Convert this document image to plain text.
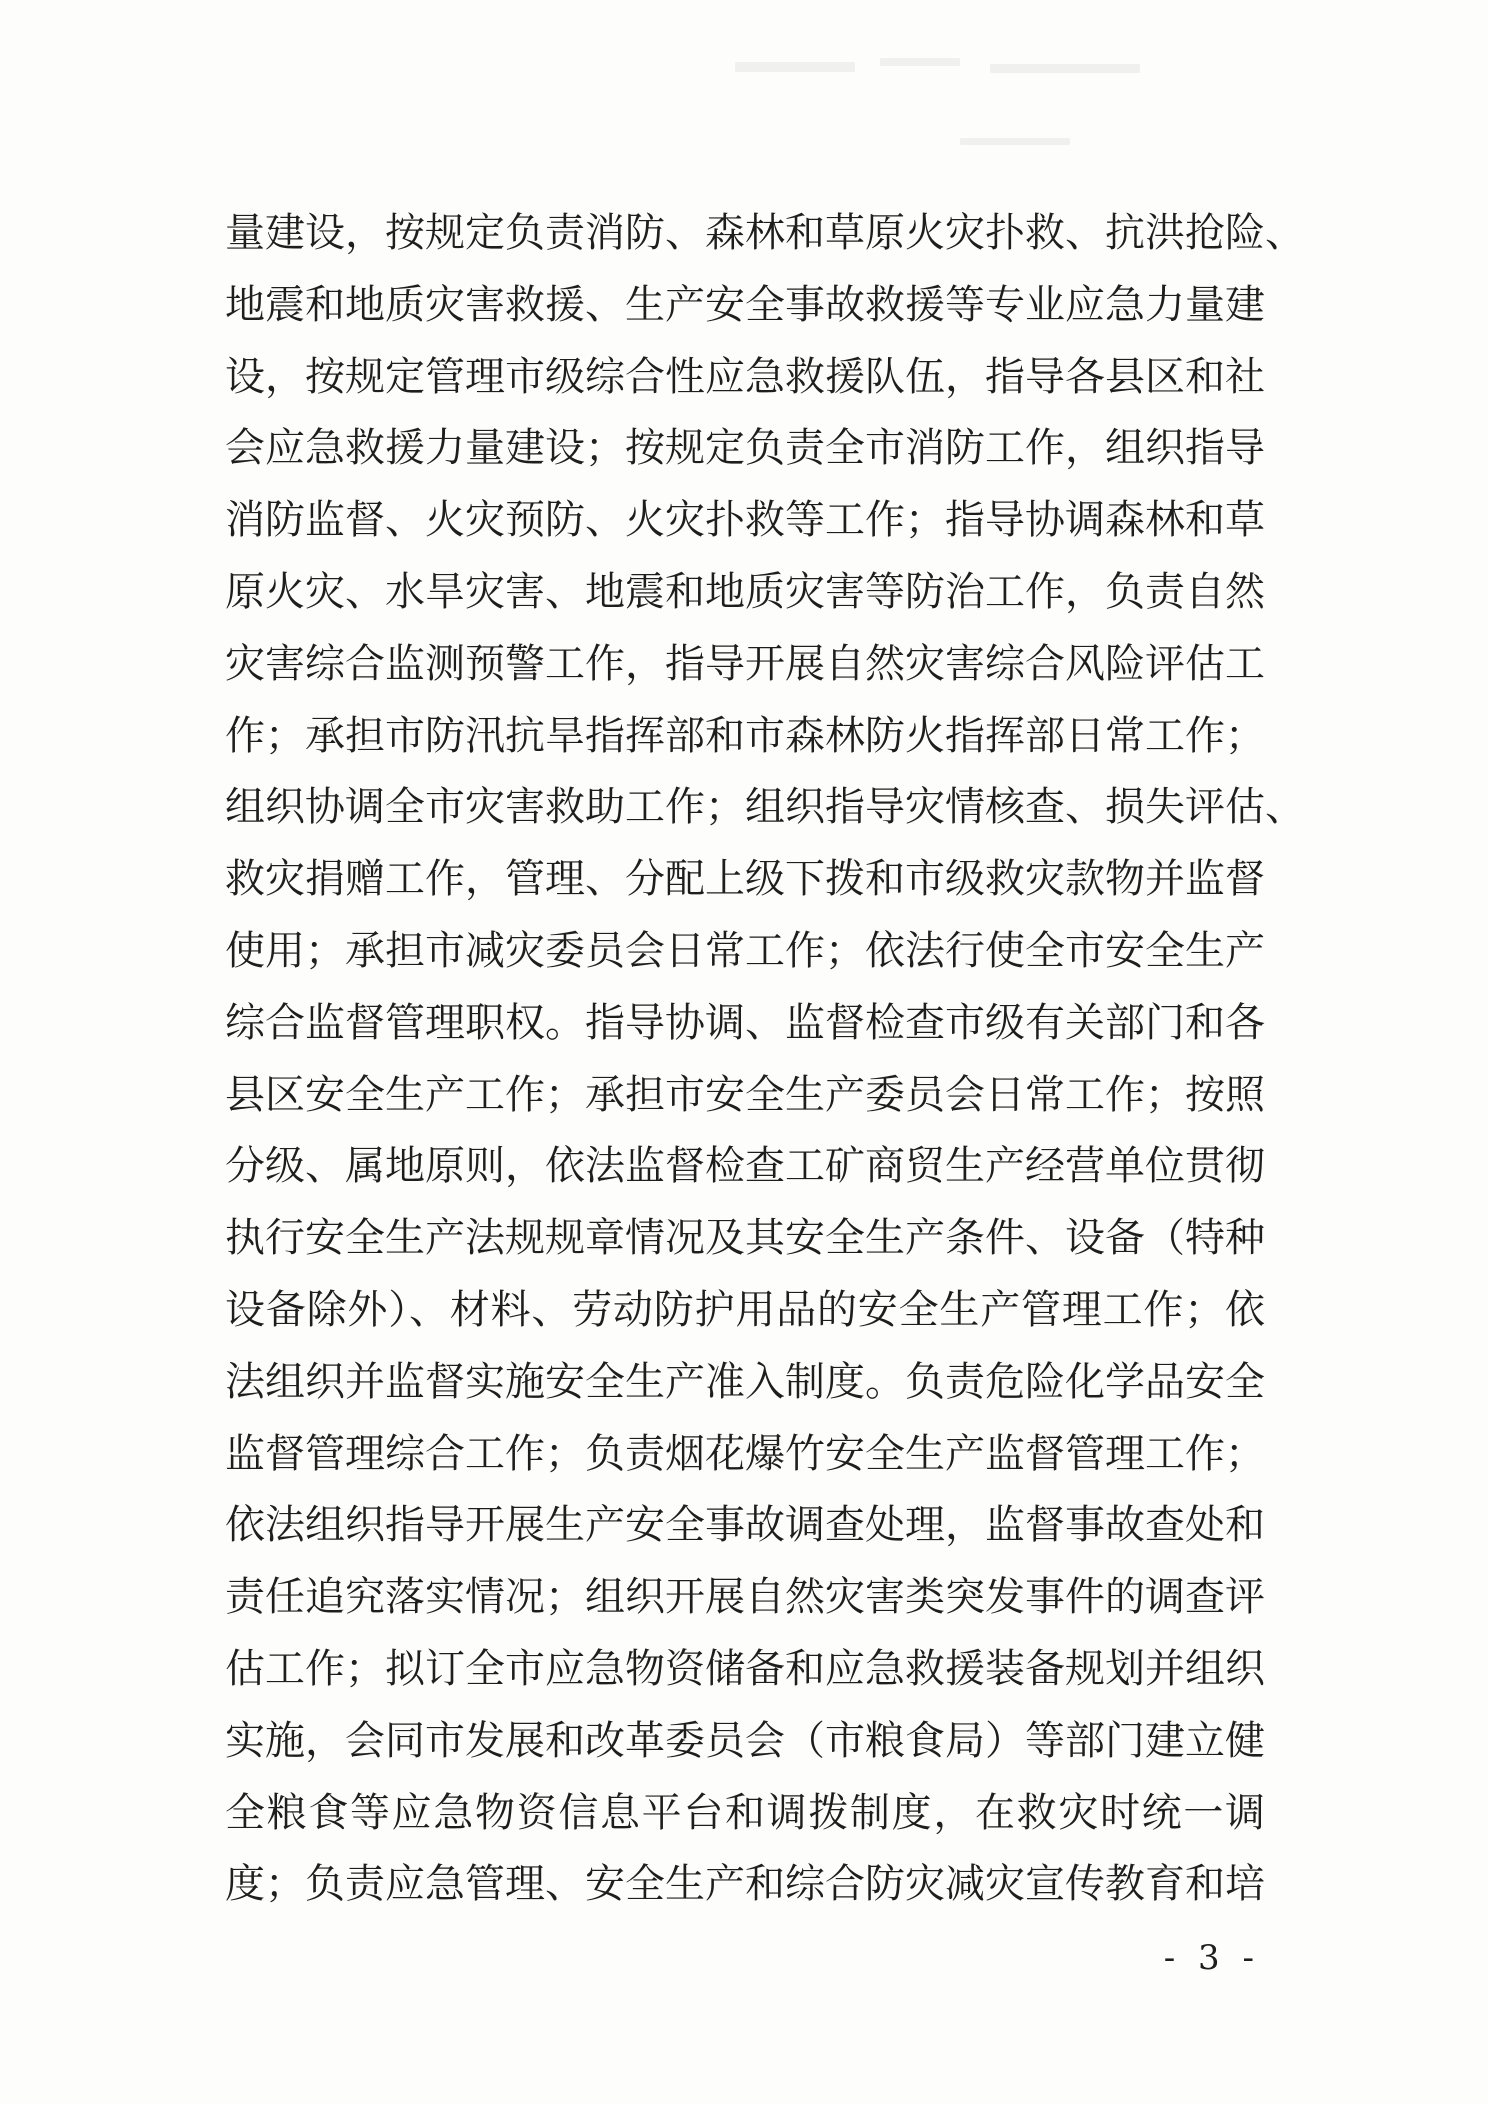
量建设，按规定负责消防、森林和草原火灾扑救、抗洪抢险、
地震和地质灾害救援、生产安全事故救援等专业应急力量建
设，按规定管理市级综合性应急救援队伍，指导各县区和社
会应急救援力量建设；按规定负责全市消防工作，组织指导
消防监督、火灾预防、火灾扑救等工作；指导协调森林和草
原火灾、水旱灾害、地震和地质灾害等防治工作，负责自然
灾害综合监测预警工作，指导开展自然灾害综合风险评估工
作；承担市防汛抗旱指挥部和市森林防火指挥部日常工作；
组织协调全市灾害救助工作；组织指导灾情核查、损失评估、
救灾捐赠工作，管理、分配上级下拨和市级救灾款物并监督
使用；承担市减灾委员会日常工作；依法行使全市安全生产
综合监督管理职权。指导协调、监督检查市级有关部门和各
县区安全生产工作；承担市安全生产委员会日常工作；按照
分级、属地原则，依法监督检查工矿商贸生产经营单位贯彻
执行安全生产法规规章情况及其安全生产条件、设备（特种
设备除外）、材料、劳动防护用品的安全生产管理工作；依
法组织并监督实施安全生产准入制度。负责危险化学品安全
监督管理综合工作；负责烟花爆竹安全生产监督管理工作；
依法组织指导开展生产安全事故调查处理，监督事故查处和
责任追究落实情况；组织开展自然灾害类突发事件的调查评
估工作；拟订全市应急物资储备和应急救援装备规划并组织
实施，会同市发展和改革委员会（市粮食局）等部门建立健
全粮食等应急物资信息平台和调拨制度，在救灾时统一调
度；负责应急管理、安全生产和综合防灾减灾宣传教育和培
- 3 -
